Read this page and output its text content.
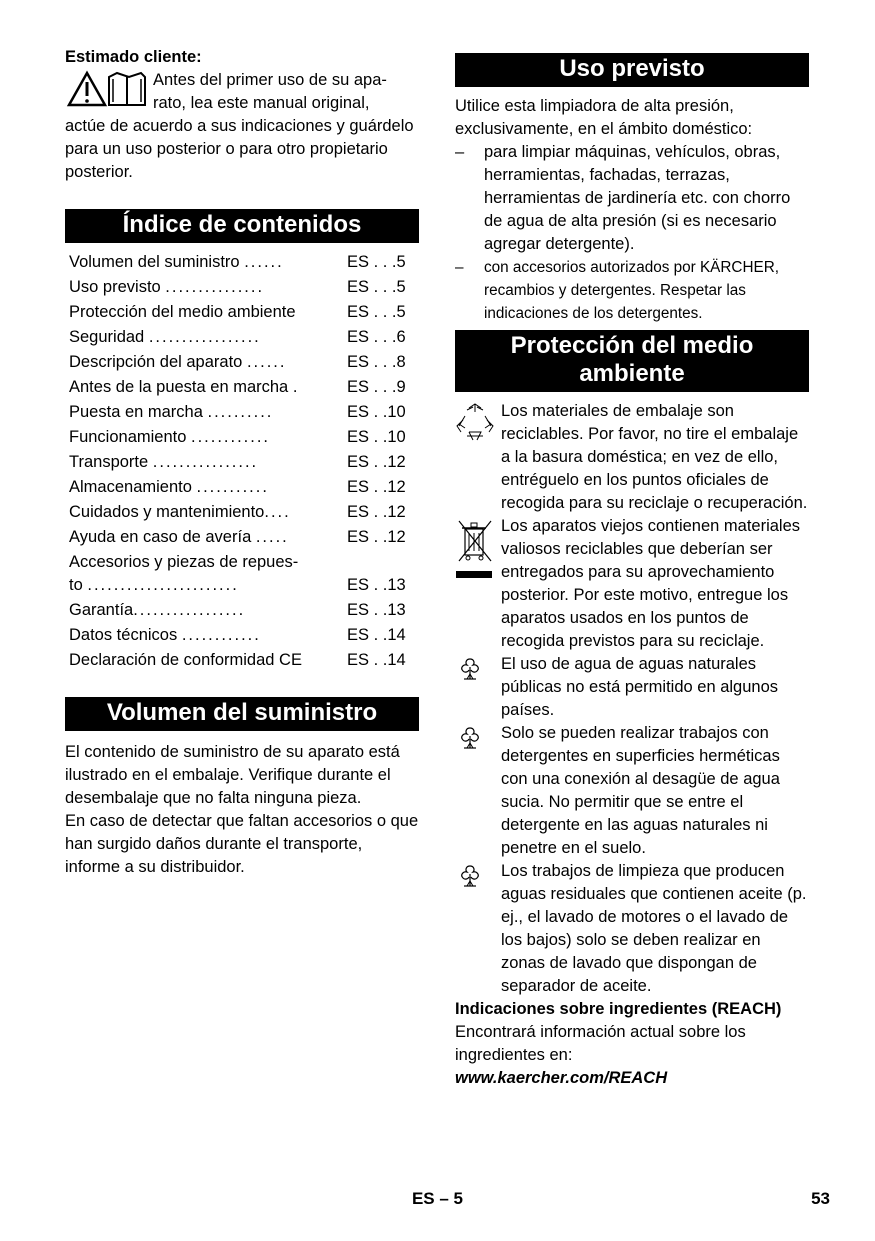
Estimado cliente:

Antes del primer uso de su apa-

rato, lea este manual original,

actúe de acuerdo a sus indicaciones y guárdelo para un uso posterior o para otro propietario posterior.

Índice de contenidos
Volumen del suministro ......	ES . . .5
Uso previsto ...............	ES . . .5
Protección del medio ambiente	ES . . .5
Seguridad .................	ES . . .6
Descripción del aparato ......	ES . . .8
Antes de la puesta en marcha .	ES . . .9
Puesta en marcha ..........	ES . .10
Funcionamiento ............	ES . .10
Transporte ................	ES . .12
Almacenamiento ...........	ES . .12
Cuidados y mantenimiento....	ES . .12
Ayuda en caso de avería .....	ES . .12
Accesorios y piezas de repues-
to .......................	ES . .13
Garantía.................	ES . .13
Datos técnicos ............	ES . .14
Declaración de conformidad CE	ES . .14
Volumen del suministro

El contenido de suministro de su aparato está ilustrado en el embalaje. Verifique durante el desembalaje que no falta ninguna pieza.

En caso de detectar que faltan accesorios o que han surgido daños durante el transporte, informe a su distribuidor.

Uso previsto

Utilice esta limpiadora de alta presión, exclusivamente, en el ámbito doméstico:

– para limpiar máquinas, vehículos, obras, herramientas, fachadas, terrazas, herramientas de jardinería etc. con chorro de agua de alta presión (si es necesario agregar detergente).
– con accesorios autorizados por KÄRCHER, recambios y detergentes. Respetar las indicaciones de los detergentes.
Protección del medio
ambiente
Los materiales de embalaje son reciclables. Por favor, no tire el embalaje a la basura doméstica; en vez de ello, entréguelo en los puntos oficiales de recogida para su reciclaje o recuperación.
Los aparatos viejos contienen materiales valiosos reciclables que deberían ser entregados para su aprovechamiento posterior. Por este motivo, entregue los aparatos usados en los puntos de recogida previstos para su reciclaje.
El uso de agua de aguas naturales públicas no está permitido en algunos países.
Solo se pueden realizar trabajos con detergentes en superficies herméticas con una conexión al desagüe de agua sucia. No permitir que se entre el detergente en las aguas naturales ni penetre en el suelo.
Los trabajos de limpieza que producen aguas residuales que contienen aceite (p. ej., el lavado de motores o el lavado de los bajos) solo se deben realizar en zonas de lavado que dispongan de separador de aceite.

Indicaciones sobre ingredientes (REACH)

Encontrará información actual sobre los ingredientes en:

www.kaercher.com/REACH

ES – 5	53
